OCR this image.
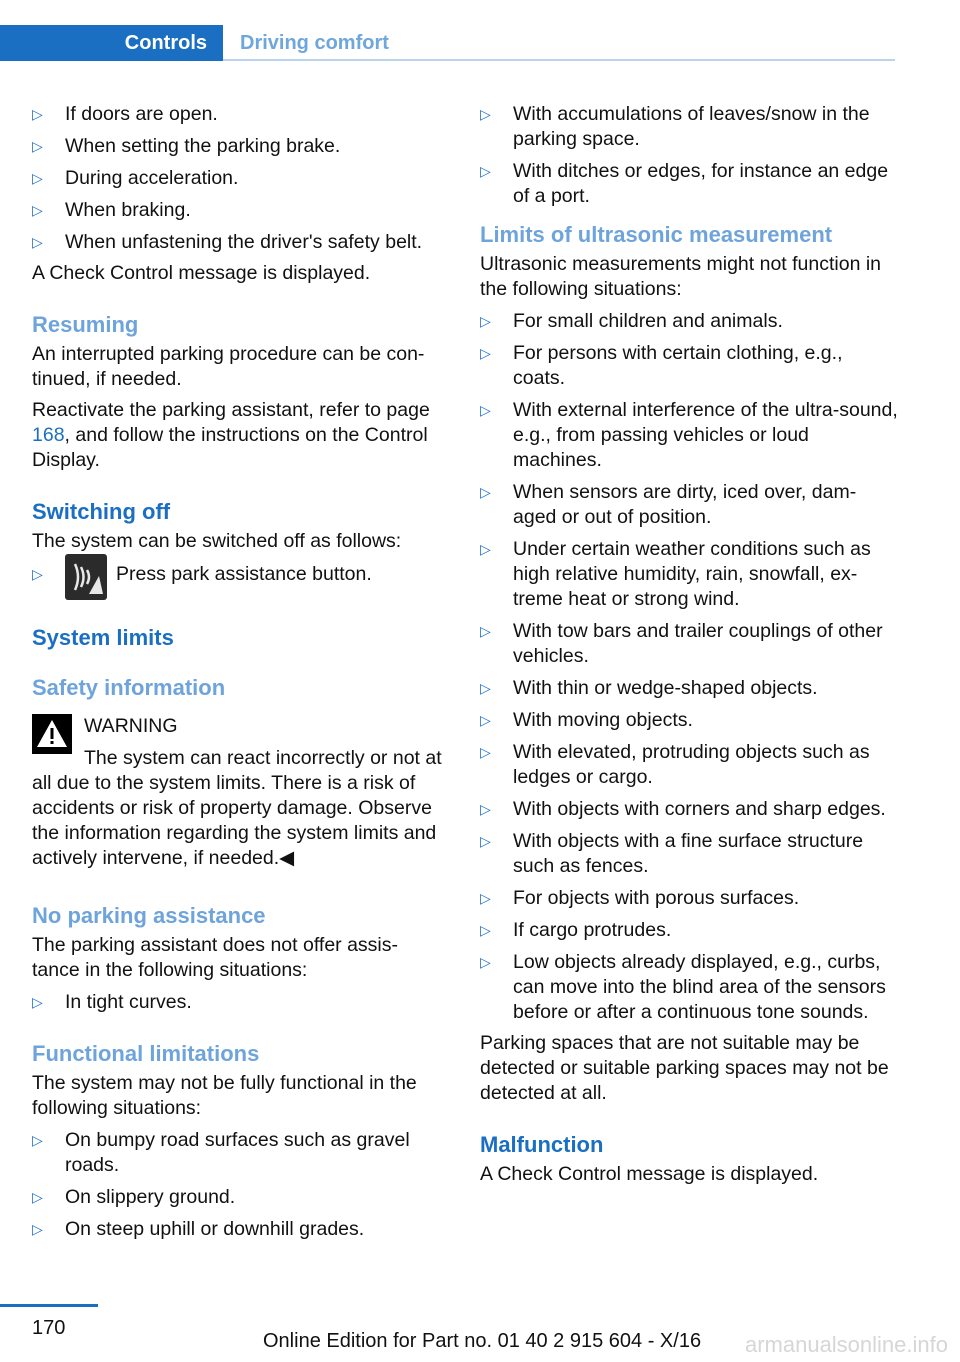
Controls	Driving comfort
▷ If doors are open.
▷ When setting the parking brake.
▷ During acceleration.
▷ When braking.
▷ When unfastening the driver's safety belt.

A Check Control message is displayed.

Resuming

An interrupted parking procedure can be con‐tinued, if needed.

Reactivate the parking assistant, refer to page 168, and follow the instructions on the Control Display.

Switching off

The system can be switched off as follows:

▷	Press park assistance button.
System limits
Safety information
WARNING
The system can react incorrectly or not at all due to the system limits. There is a risk of accidents or risk of property damage. Observe the information regarding the system limits and actively intervene, if needed.◀
No parking assistance

The parking assistant does not offer assis‐tance in the following situations:

▷ In tight curves.
Functional limitations

The system may not be fully functional in the following situations:

▷ On bumpy road surfaces such as gravel roads.
▷ On slippery ground.
▷ On steep uphill or downhill grades.
▷ With accumulations of leaves/snow in the parking space.
▷ With ditches or edges, for instance an edge of a port.
Limits of ultrasonic measurement

Ultrasonic measurements might not function in the following situations:

▷ For small children and animals.
▷ For persons with certain clothing, e.g., coats.
▷ With external interference of the ultra‐sound, e.g., from passing vehicles or loud machines.
▷ When sensors are dirty, iced over, dam‐aged or out of position.
▷ Under certain weather conditions such as high relative humidity, rain, snowfall, ex‐treme heat or strong wind.
▷ With tow bars and trailer couplings of other vehicles.
▷ With thin or wedge-shaped objects.
▷ With moving objects.
▷ With elevated, protruding objects such as ledges or cargo.
▷ With objects with corners and sharp edges.
▷ With objects with a fine surface structure such as fences.
▷ For objects with porous surfaces.
▷ If cargo protrudes.
▷ Low objects already displayed, e.g., curbs, can move into the blind area of the sensors before or after a continuous tone sounds.

Parking spaces that are not suitable may be detected or suitable parking spaces may not be detected at all.

Malfunction

A Check Control message is displayed.

170
Online Edition for Part no. 01 40 2 915 604 - X/16 armanualsonline.info
